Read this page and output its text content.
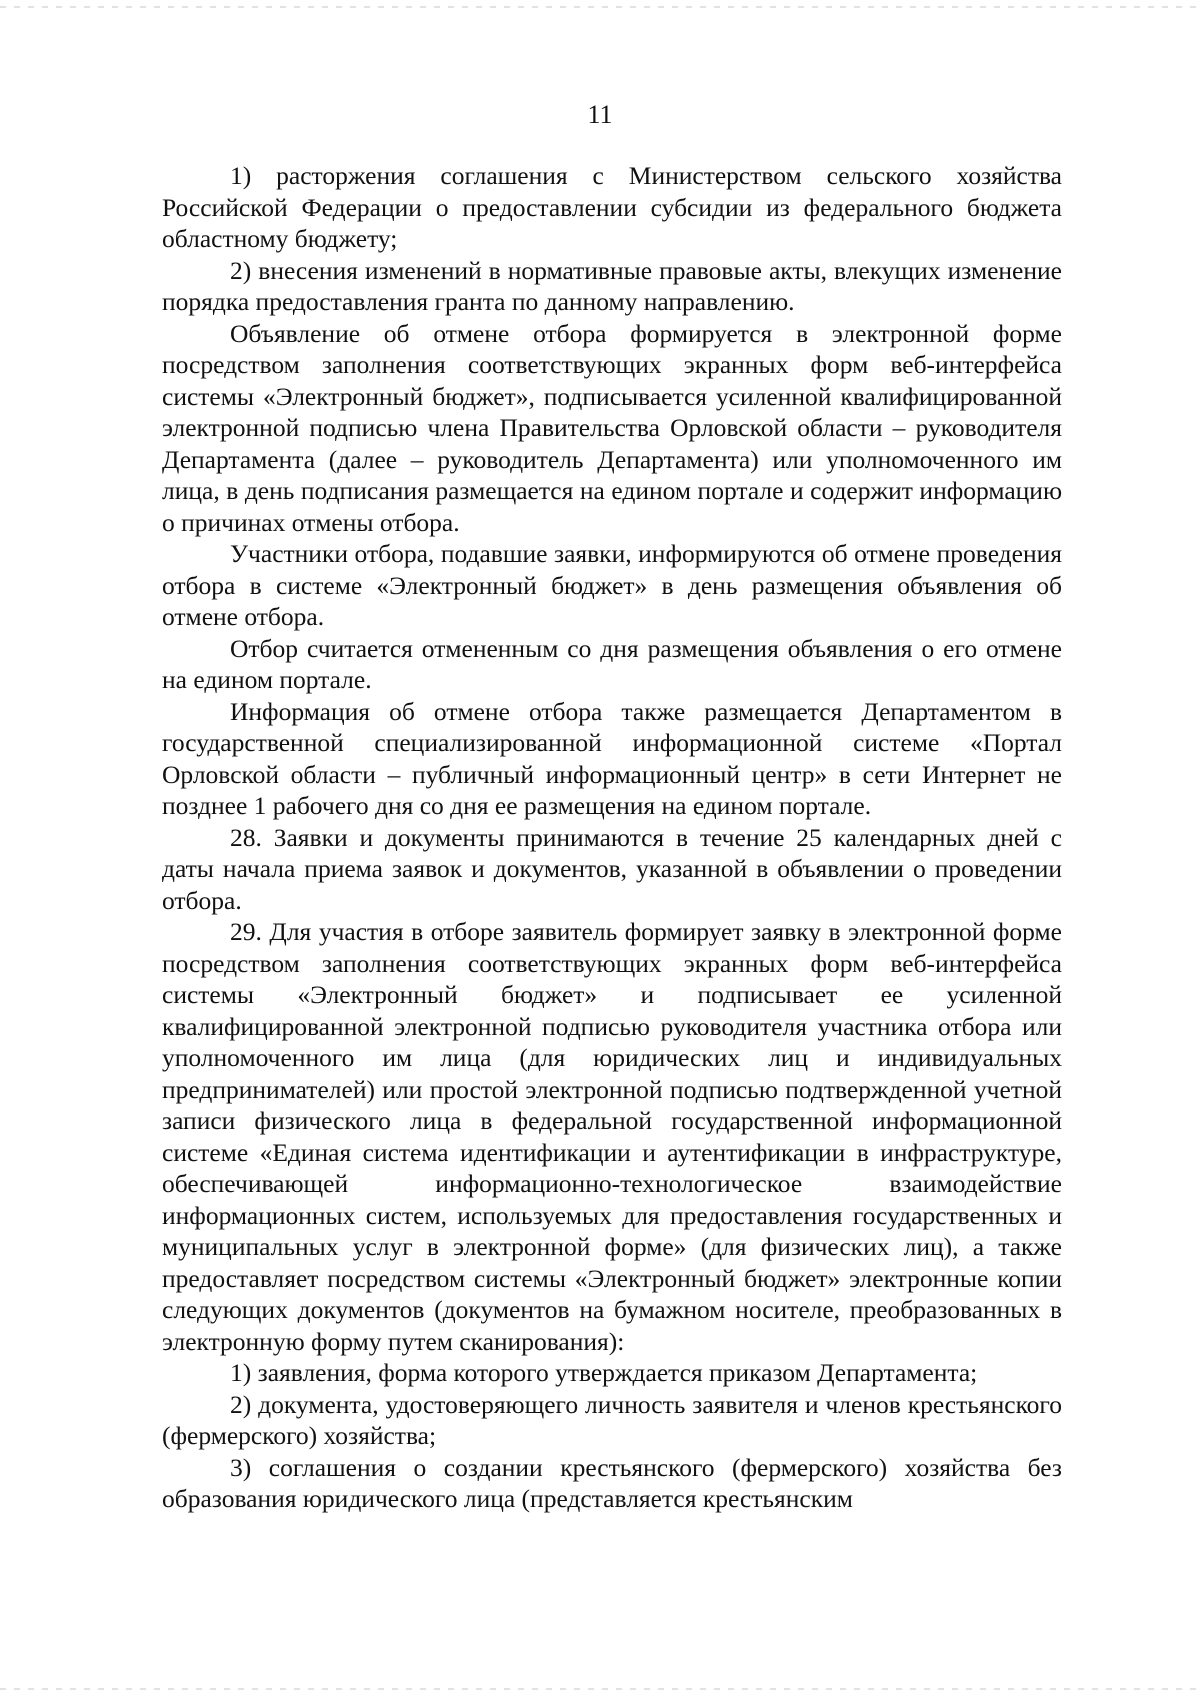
11

1) расторжения соглашения с Министерством сельского хозяйства Российской Федерации о предоставлении субсидии из федерального бюджета областному бюджету;

2) внесения изменений в нормативные правовые акты, влекущих изменение порядка предоставления гранта по данному направлению.

Объявление об отмене отбора формируется в электронной форме посредством заполнения соответствующих экранных форм веб-интерфейса системы «Электронный бюджет», подписывается усиленной квалифицированной электронной подписью члена Правительства Орловской области – руководителя Департамента (далее – руководитель Департамента) или уполномоченного им лица, в день подписания размещается на едином портале и содержит информацию о причинах отмены отбора.

Участники отбора, подавшие заявки, информируются об отмене проведения отбора в системе «Электронный бюджет» в день размещения объявления об отмене отбора.

Отбор считается отмененным со дня размещения объявления о его отмене на едином портале.

Информация об отмене отбора также размещается Департаментом в государственной специализированной информационной системе «Портал Орловской области – публичный информационный центр» в сети Интернет не позднее 1 рабочего дня со дня ее размещения на едином портале.

28. Заявки и документы принимаются в течение 25 календарных дней с даты начала приема заявок и документов, указанной в объявлении о проведении отбора.

29. Для участия в отборе заявитель формирует заявку в электронной форме посредством заполнения соответствующих экранных форм веб-интерфейса системы «Электронный бюджет» и подписывает ее усиленной квалифицированной электронной подписью руководителя участника отбора или уполномоченного им лица (для юридических лиц и индивидуальных предпринимателей) или простой электронной подписью подтвержденной учетной записи физического лица в федеральной государственной информационной системе «Единая система идентификации и аутентификации в инфраструктуре, обеспечивающей информационно-технологическое взаимодействие информационных систем, используемых для предоставления государственных и муниципальных услуг в электронной форме» (для физических лиц), а также предоставляет посредством системы «Электронный бюджет» электронные копии следующих документов (документов на бумажном носителе, преобразованных в электронную форму путем сканирования):

1) заявления, форма которого утверждается приказом Департамента;

2) документа, удостоверяющего личность заявителя и членов крестьянского (фермерского) хозяйства;

3) соглашения о создании крестьянского (фермерского) хозяйства без образования юридического лица (представляется крестьянским
